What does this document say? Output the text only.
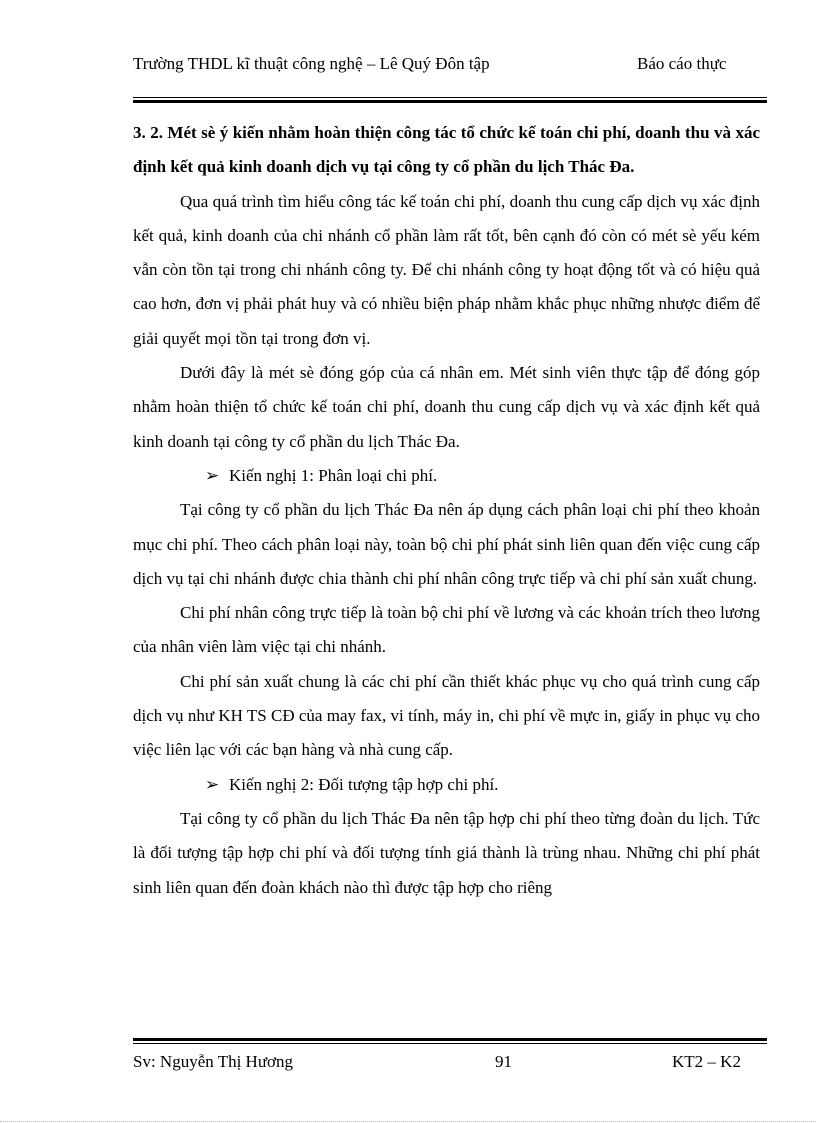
Trường THDL kĩ thuật công nghệ – Lê Quý Đôn tập	Báo cáo thực

3. 2. Mét sè ý kiến nhằm hoàn thiện công tác tổ chức kế toán chi phí, doanh thu và xác định kết quả kinh doanh dịch vụ tại công ty cổ phần du lịch Thác Đa.

Qua quá trình tìm hiểu công tác kế toán chi phí, doanh thu cung cấp dịch vụ xác định kết quả, kinh doanh của chi nhánh cổ phần làm rất tốt, bên cạnh đó còn có mét sè yếu kém vẫn còn tồn tại trong chi nhánh công ty. Để chi nhánh công ty hoạt động tốt và có hiệu quả cao hơn, đơn vị phải phát huy và có nhiều biện pháp nhằm khắc phục những nhược điểm để giải quyết mọi tồn tại trong đơn vị.

Dưới đây là mét sè đóng góp của cá nhân em. Mét sinh viên thực tập để đóng góp nhằm hoàn thiện tổ chức kế toán chi phí, doanh thu cung cấp dịch vụ và xác định kết quả kinh doanh tại công ty cổ phần du lịch Thác Đa.

➢ Kiến nghị 1: Phân loại chi phí.

Tại công ty cổ phần du lịch Thác Đa nên áp dụng cách phân loại chi phí theo khoản mục chi phí. Theo cách phân loại này, toàn bộ chi phí phát sinh liên quan đến việc cung cấp dịch vụ tại chi nhánh được chia thành chi phí nhân công trực tiếp và chi phí sản xuất chung.

Chi phí nhân công trực tiếp là toàn bộ chi phí về lương và các khoản trích theo lương của nhân viên làm việc tại chi nhánh.

Chi phí sản xuất chung là các chi phí cần thiết khác phục vụ cho quá trình cung cấp dịch vụ như KH TS CĐ của may fax, vi tính, máy in, chi phí về mực in, giấy in phục vụ cho việc liên lạc với các bạn hàng và nhà cung cấp.

➢ Kiến nghị 2: Đối tượng tập hợp chi phí.

Tại công ty cổ phần du lịch Thác Đa nên tập hợp chi phí theo từng đoàn du lịch. Tức là đối tượng tập hợp chi phí và đối tượng tính giá thành là trùng nhau. Những chi phí phát sinh liên quan đến đoàn khách nào thì được tập hợp cho riêng

Sv: Nguyễn Thị Hương	91	KT2 – K2
